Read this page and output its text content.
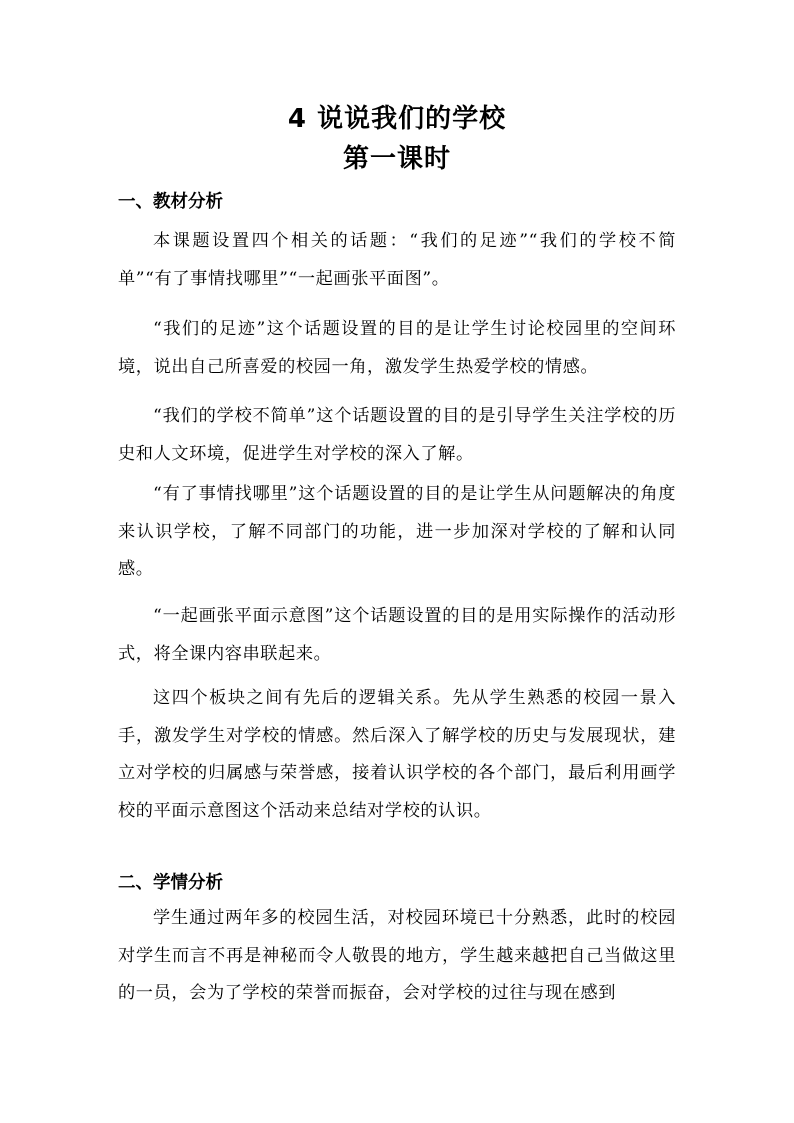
4 说说我们的学校
第一课时
一、教材分析

本课题设置四个相关的话题：“我们的足迹”“我们的学校不简单”“有了事情找哪里”“一起画张平面图”。

“我们的足迹”这个话题设置的目的是让学生讨论校园里的空间环境，说出自己所喜爱的校园一角，激发学生热爱学校的情感。

“我们的学校不简单”这个话题设置的目的是引导学生关注学校的历史和人文环境，促进学生对学校的深入了解。

“有了事情找哪里”这个话题设置的目的是让学生从问题解决的角度来认识学校，了解不同部门的功能，进一步加深对学校的了解和认同感。

“一起画张平面示意图”这个话题设置的目的是用实际操作的活动形式，将全课内容串联起来。

这四个板块之间有先后的逻辑关系。先从学生熟悉的校园一景入手，激发学生对学校的情感。然后深入了解学校的历史与发展现状，建立对学校的归属感与荣誉感，接着认识学校的各个部门，最后利用画学校的平面示意图这个活动来总结对学校的认识。

二、学情分析

学生通过两年多的校园生活，对校园环境已十分熟悉，此时的校园对学生而言不再是神秘而令人敬畏的地方，学生越来越把自己当做这里的一员，会为了学校的荣誉而振奋，会对学校的过往与现在感到
